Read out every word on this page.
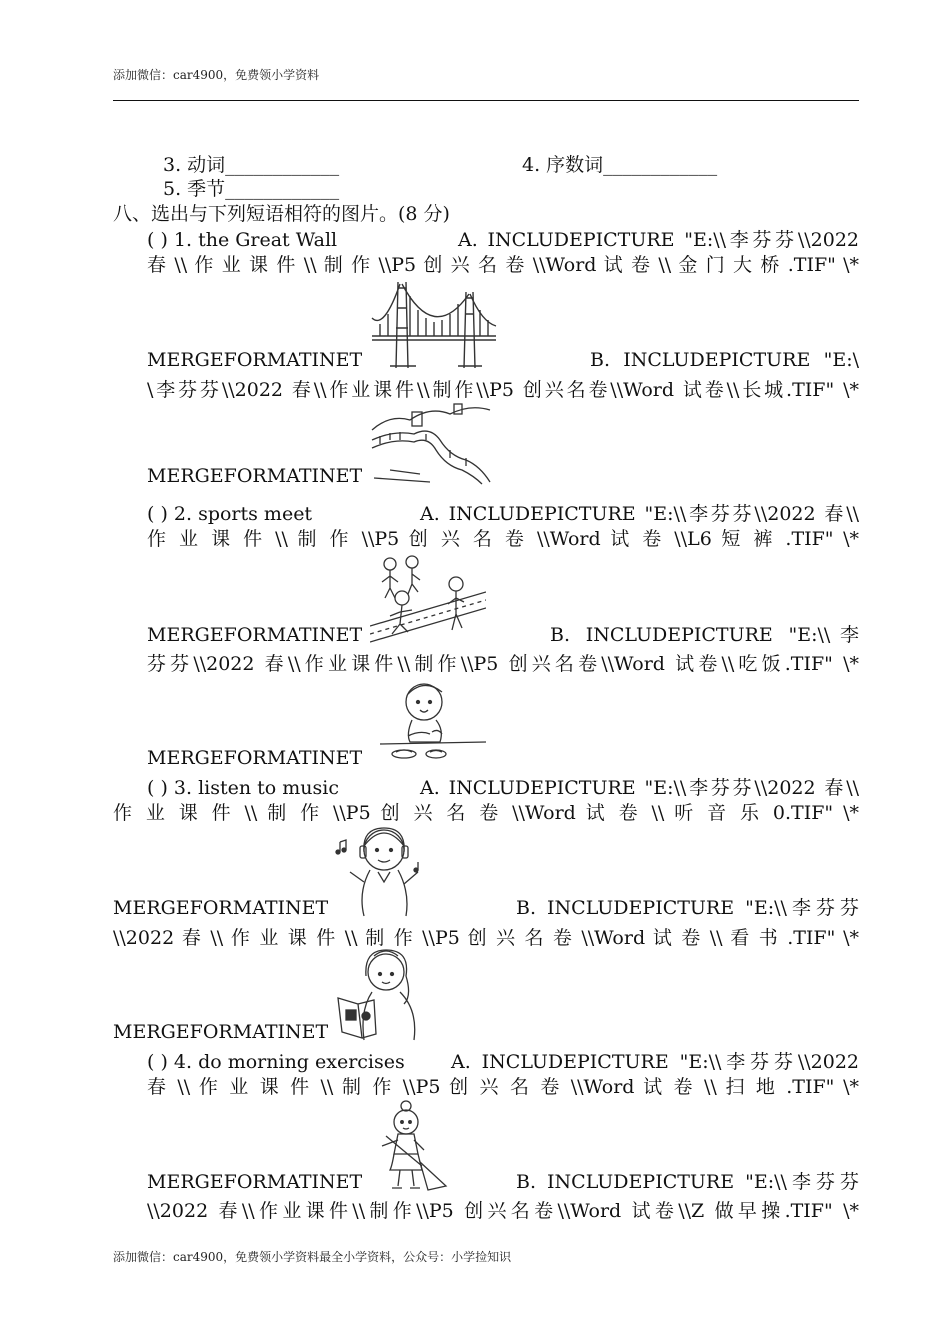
添加微信：car4900，免费领小学资料
3. 动词____________	4. 序数词____________
5. 季节____________
八、选出与下列短语相符的图片。(8 分)
( ) 1. the Great Wall	A. INCLUDEPICTURE "E:\\李芬芬\\2022
春 \\ 作 业 课 件 \\ 制 作 \\P5 创 兴 名 卷 \\Word 试 卷 \\ 金 门 大 桥 .TIF" \*
MERGEFORMATINET	B. INCLUDEPICTURE "E:\
\李芬芬\\2022 春\\作业课件\\制作\\P5 创兴名卷\\Word 试卷\\长城.TIF" \*
MERGEFORMATINET
( ) 2. sports meet	A. INCLUDEPICTURE "E:\\李芬芬\\2022 春\\
作 业 课 件 \\ 制 作 \\P5 创 兴 名 卷 \\Word 试 卷 \\L6 短 裤 .TIF" \*
MERGEFORMATINET	B. INCLUDEPICTURE "E:\\李
芬芬\\2022 春\\作业课件\\制作\\P5 创兴名卷\\Word 试卷\\吃饭.TIF" \*
MERGEFORMATINET
( ) 3. listen to music	A. INCLUDEPICTURE "E:\\李芬芬\\2022 春\\
作 业 课 件 \\ 制 作 \\P5 创 兴 名 卷 \\Word 试 卷 \\ 听 音 乐 0.TIF" \*
MERGEFORMATINET	B. INCLUDEPICTURE "E:\\李芬芬
\\2022 春 \\ 作 业 课 件 \\ 制 作 \\P5 创 兴 名 卷 \\Word 试 卷 \\ 看 书 .TIF" \*
MERGEFORMATINET
( ) 4. do morning exercises A. INCLUDEPICTURE "E:\\李芬芬\\2022
春 \\ 作 业 课 件 \\ 制 作 \\P5 创 兴 名 卷 \\Word 试 卷 \\ 扫 地 .TIF" \*
MERGEFORMATINET	B. INCLUDEPICTURE "E:\\李芬芬
\\2022 春\\作业课件\\制作\\P5 创兴名卷\\Word 试卷\\Z 做早操.TIF" \*
添加微信：car4900，免费领小学资料最全小学资料，公众号：小学捡知识
